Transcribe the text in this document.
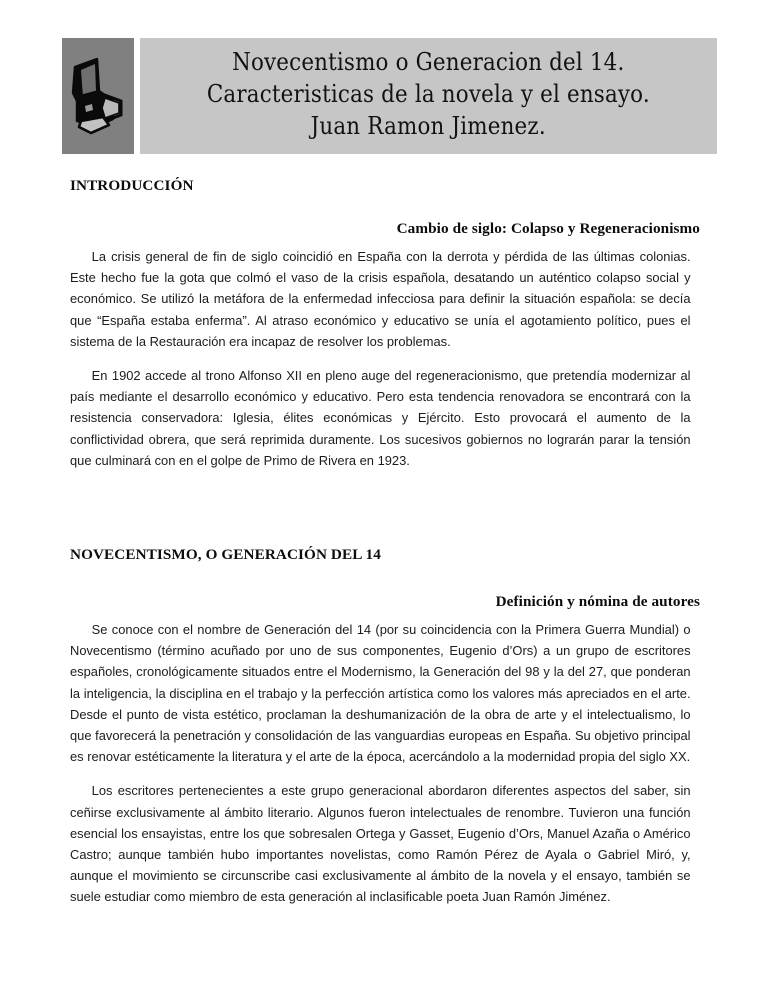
Novecentismo o Generacion del 14.
Caracteristicas de la novela y el ensayo.
Juan Ramon Jimenez.
INTRODUCCIÓN
Cambio de siglo: Colapso y Regeneracionismo

La crisis general de fin de siglo coincidió en España con la derrota y pérdida de las últimas colonias. Este hecho fue la gota que colmó el vaso de la crisis española, desatando un auténtico colapso social y económico. Se utilizó la metáfora de la enfermedad infecciosa para definir la situación española: se decía que “España estaba enferma”. Al atraso económico y educativo se unía el agotamiento político, pues el sistema de la Restauración era incapaz de resolver los problemas.

En 1902 accede al trono Alfonso XII en pleno auge del regeneracionismo, que pretendía modernizar al país mediante el desarrollo económico y educativo. Pero esta tendencia renovadora se encontrará con la resistencia conservadora: Iglesia, élites económicas y Ejército. Esto provocará el aumento de la conflictividad obrera, que será reprimida duramente. Los sucesivos gobiernos no lograrán parar la tensión que culminará con en el golpe de Primo de Rivera en 1923.

NOVECENTISMO, O GENERACIÓN DEL 14
Definición y nómina de autores

Se conoce con el nombre de Generación del 14 (por su coincidencia con la Primera Guerra Mundial) o Novecentismo (término acuñado por uno de sus componentes, Eugenio d’Ors) a un grupo de escritores españoles, cronológicamente situados entre el Modernismo, la Generación del 98 y la del 27, que ponderan la inteligencia, la disciplina en el trabajo y la perfección artística como los valores más apreciados en el arte. Desde el punto de vista estético, proclaman la deshumanización de la obra de arte y el intelectualismo, lo que favorecerá la penetración y consolidación de las vanguardias europeas en España. Su objetivo principal es renovar estéticamente la literatura y el arte de la época, acercándolo a la modernidad propia del siglo XX.

Los escritores pertenecientes a este grupo generacional abordaron diferentes aspectos del saber, sin ceñirse exclusivamente al ámbito literario. Algunos fueron intelectuales de renombre. Tuvieron una función esencial los ensayistas, entre los que sobresalen Ortega y Gasset, Eugenio d’Ors, Manuel Azaña o Américo Castro; aunque también hubo importantes novelistas, como Ramón Pérez de Ayala o Gabriel Miró, y, aunque el movimiento se circunscribe casi exclusivamente al ámbito de la novela y el ensayo, también se suele estudiar como miembro de esta generación al inclasificable poeta Juan Ramón Jiménez.
